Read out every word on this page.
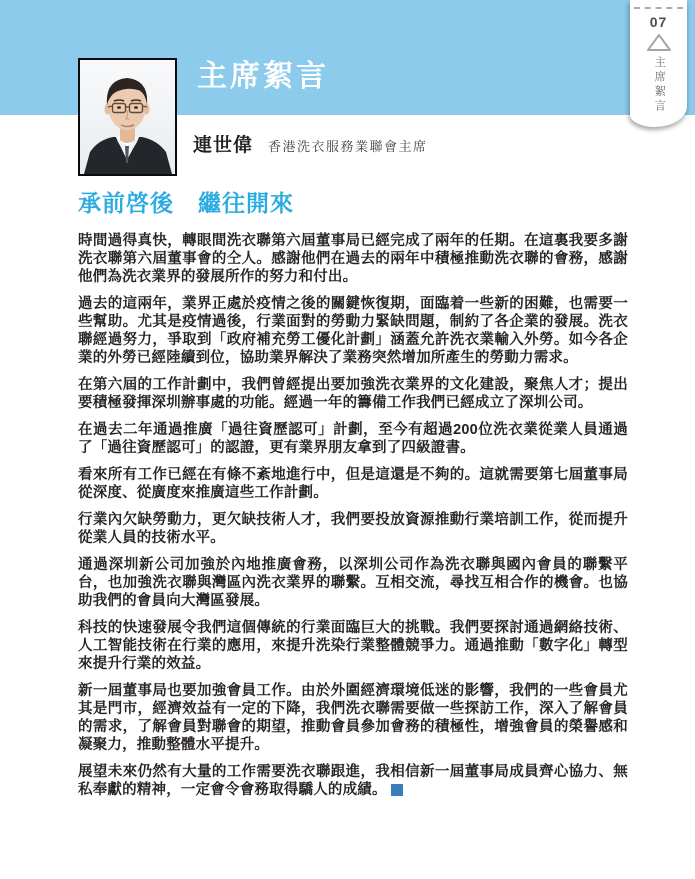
主席絮言
07
主席絮言
連世偉 香港洗衣服務業聯會主席
承前啓後　繼往開來

時間過得真快，轉眼間洗衣聯第六屆董事局已經完成了兩年的任期。在這裏我要多謝洗衣聯第六屆董事會的仝人。感謝他們在過去的兩年中積極推動洗衣聯的會務，感謝他們為洗衣業界的發展所作的努力和付出。

過去的這兩年，業界正處於疫情之後的關鍵恢復期，面臨着一些新的困難，也需要一些幫助。尤其是疫情過後，行業面對的勞動力緊缺問題，制約了各企業的發展。洗衣聯經過努力，爭取到「政府補充勞工優化計劃」涵蓋允許洗衣業輸入外勞。如今各企業的外勞已經陸續到位，協助業界解決了業務突然增加所產生的勞動力需求。

在第六屆的工作計劃中，我們曾經提出要加強洗衣業界的文化建設，聚焦人才；提出要積極發揮深圳辦事處的功能。經過一年的籌備工作我們已經成立了深圳公司。

在過去二年通過推廣「過往資歷認可」計劃，至今有超過200位洗衣業從業人員通過了「過往資歷認可」的認證，更有業界朋友拿到了四級證書。

看來所有工作已經在有條不紊地進行中，但是這還是不夠的。這就需要第七屆董事局從深度、從廣度來推廣這些工作計劃。

行業內欠缺勞動力，更欠缺技術人才，我們要投放資源推動行業培訓工作，從而提升從業人員的技術水平。

通過深圳新公司加強於內地推廣會務，以深圳公司作為洗衣聯與國內會員的聯繫平台，也加強洗衣聯與灣區內洗衣業界的聯繫。互相交流，尋找互相合作的機會。也協助我們的會員向大灣區發展。

科技的快速發展令我們這個傳統的行業面臨巨大的挑戰。我們要探討通過網絡技術、人工智能技術在行業的應用，來提升洗染行業整體競爭力。通過推動「數字化」轉型來提升行業的效益。

新一屆董事局也要加強會員工作。由於外圍經濟環境低迷的影響，我們的一些會員尤其是門市，經濟效益有一定的下降，我們洗衣聯需要做一些探訪工作，深入了解會員的需求，了解會員對聯會的期望，推動會員參加會務的積極性，增強會員的榮譽感和凝聚力，推動整體水平提升。

展望未來仍然有大量的工作需要洗衣聯跟進，我相信新一屆董事局成員齊心協力、無私奉獻的精神，一定會令會務取得驕人的成績。
